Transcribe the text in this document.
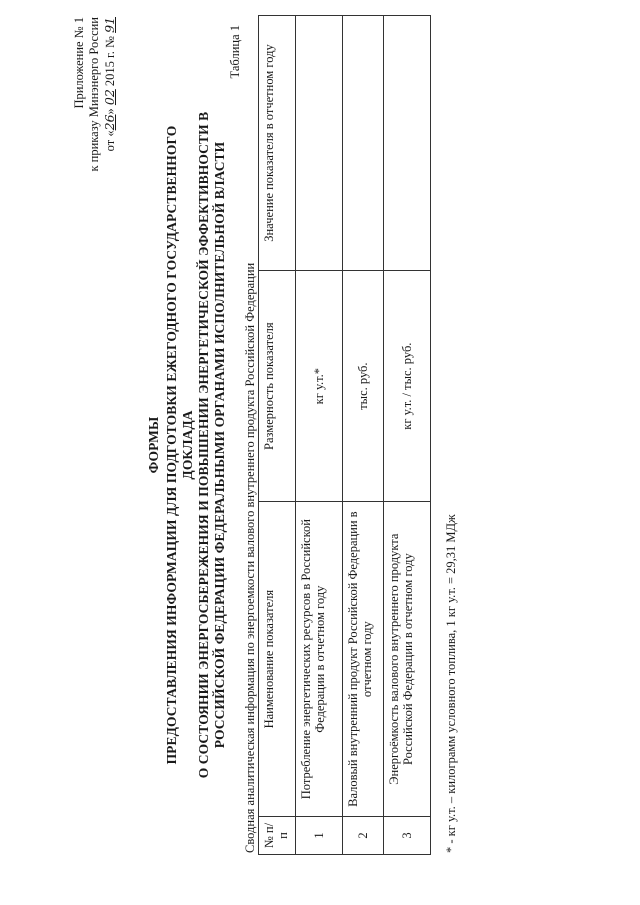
Приложение № 1 к приказу Минэнерго России от «26» 02 2015 г. № 91
ФОРМЫ ПРЕДОСТАВЛЕНИЯ ИНФОРМАЦИИ ДЛЯ ПОДГОТОВКИ ЕЖЕГОДНОГО ГОСУДАРСТВЕННОГО ДОКЛАДА О СОСТОЯНИИ ЭНЕРГОСБЕРЕЖЕНИЯ И ПОВЫШЕНИИ ЭНЕРГЕТИЧЕСКОЙ ЭФФЕКТИВНОСТИ В РОССИЙСКОЙ ФЕДЕРАЦИИ ФЕДЕРАЛЬНЫМИ ОРГАНАМИ ИСПОЛНИТЕЛЬНОЙ ВЛАСТИ
Таблица 1
Сводная аналитическая информация по энергоемкости валового внутреннего продукта Российской Федерации № п/п	Наименование показателя	Размерность показателя	Значение показателя в отчетном году
1	Потребление энергетических ресурсов в Российской Федерации в отчетном году	кг у.т.*	
2	Валовый внутренний продукт Российской Федерации в отчетном году	тыс. руб.	
3	Энергоёмкость валового внутреннего продукта Российской Федерации в отчетном году	кг у.т. / тыс. руб.	
* - кг у.т. – килограмм условного топлива, 1 кг у.т. = 29,31 МДж
